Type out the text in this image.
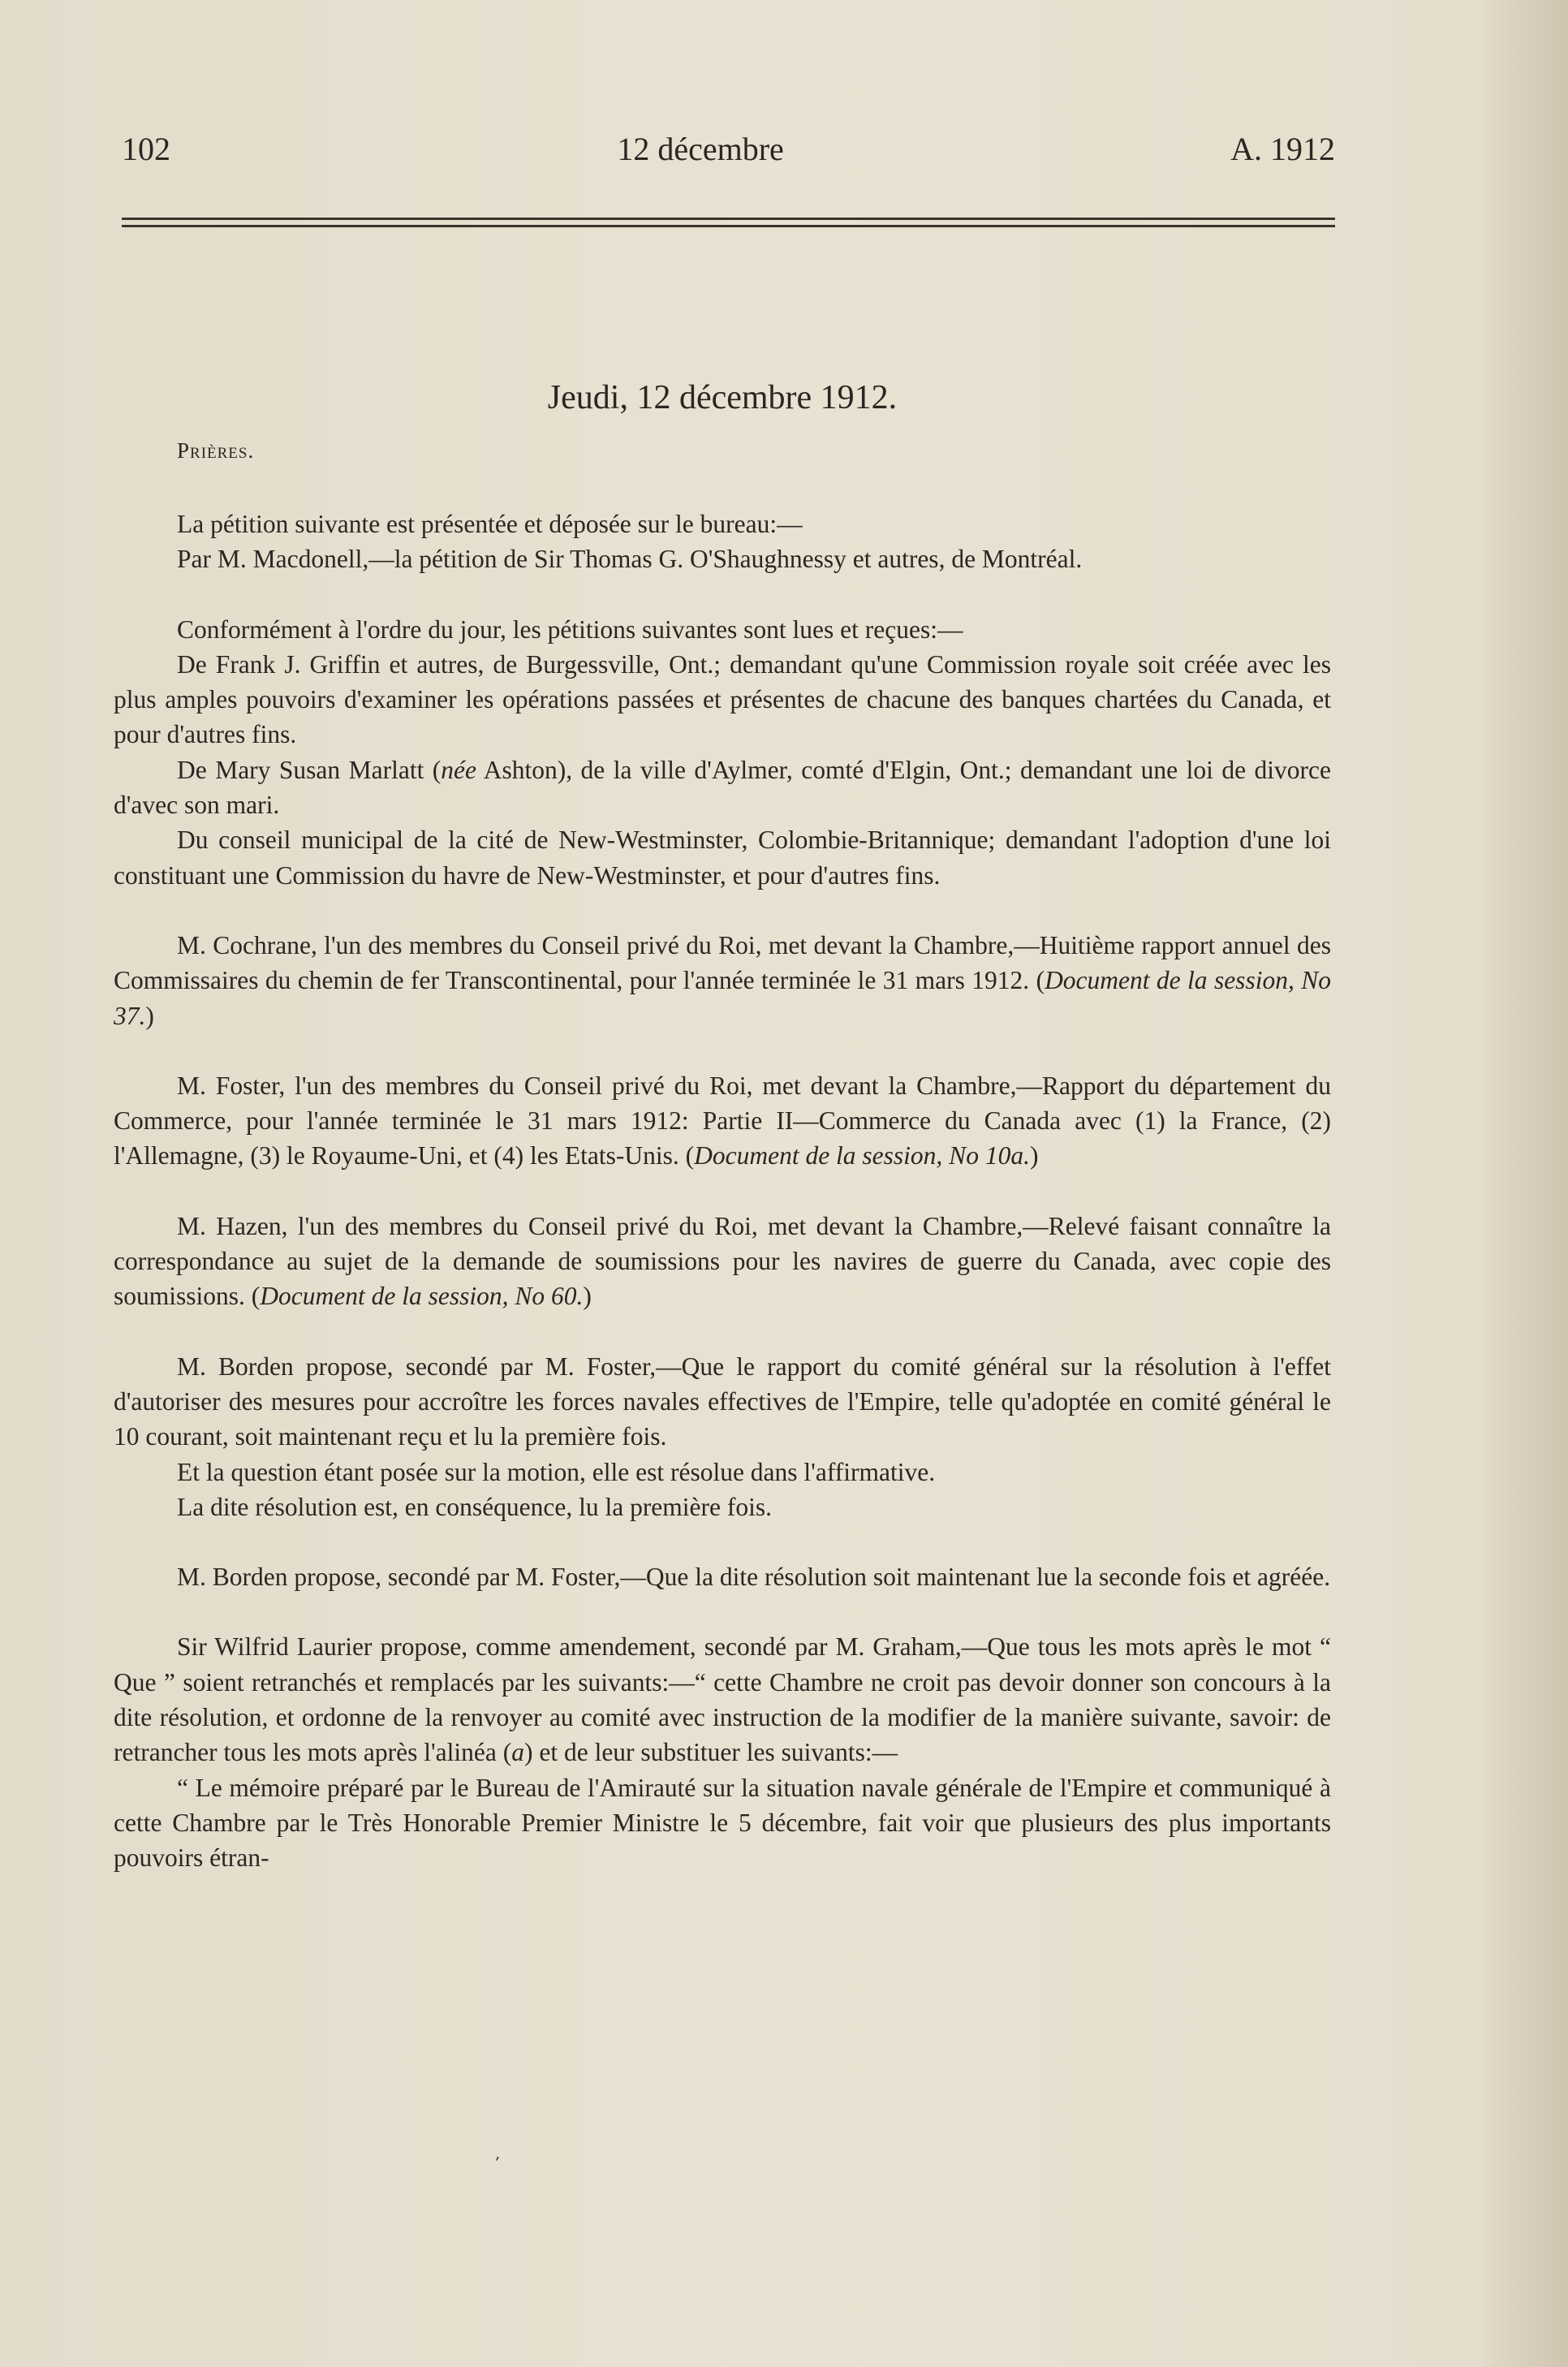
102	12 décembre	A. 1912
Jeudi, 12 décembre 1912.
Prières.

La pétition suivante est présentée et déposée sur le bureau:—

Par M. Macdonell,—la pétition de Sir Thomas G. O'Shaughnessy et autres, de Montréal.

Conformément à l'ordre du jour, les pétitions suivantes sont lues et reçues:—

De Frank J. Griffin et autres, de Burgessville, Ont.; demandant qu'une Commission royale soit créée avec les plus amples pouvoirs d'examiner les opérations passées et présentes de chacune des banques chartées du Canada, et pour d'autres fins.

De Mary Susan Marlatt (née Ashton), de la ville d'Aylmer, comté d'Elgin, Ont.; demandant une loi de divorce d'avec son mari.

Du conseil municipal de la cité de New-Westminster, Colombie-Britannique; demandant l'adoption d'une loi constituant une Commission du havre de New-Westminster, et pour d'autres fins.

M. Cochrane, l'un des membres du Conseil privé du Roi, met devant la Chambre,—Huitième rapport annuel des Commissaires du chemin de fer Transcontinental, pour l'année terminée le 31 mars 1912. (Document de la session, No 37.)

M. Foster, l'un des membres du Conseil privé du Roi, met devant la Chambre,—Rapport du département du Commerce, pour l'année terminée le 31 mars 1912: Partie II—Commerce du Canada avec (1) la France, (2) l'Allemagne, (3) le Royaume-Uni, et (4) les Etats-Unis. (Document de la session, No 10a.)

M. Hazen, l'un des membres du Conseil privé du Roi, met devant la Chambre,—Relevé faisant connaître la correspondance au sujet de la demande de soumissions pour les navires de guerre du Canada, avec copie des soumissions. (Document de la session, No 60.)

M. Borden propose, secondé par M. Foster,—Que le rapport du comité général sur la résolution à l'effet d'autoriser des mesures pour accroître les forces navales effectives de l'Empire, telle qu'adoptée en comité général le 10 courant, soit maintenant reçu et lu la première fois.

Et la question étant posée sur la motion, elle est résolue dans l'affirmative.

La dite résolution est, en conséquence, lu la première fois.

M. Borden propose, secondé par M. Foster,—Que la dite résolution soit maintenant lue la seconde fois et agréée.

Sir Wilfrid Laurier propose, comme amendement, secondé par M. Graham,—Que tous les mots après le mot “ Que ” soient retranchés et remplacés par les suivants:—“ cette Chambre ne croit pas devoir donner son concours à la dite résolution, et ordonne de la renvoyer au comité avec instruction de la modifier de la manière suivante, savoir: de retrancher tous les mots après l'alinéa (a) et de leur substituer les suivants:—

“ Le mémoire préparé par le Bureau de l'Amirauté sur la situation navale générale de l'Empire et communiqué à cette Chambre par le Très Honorable Premier Ministre le 5 décembre, fait voir que plusieurs des plus importants pouvoirs étran-

,
